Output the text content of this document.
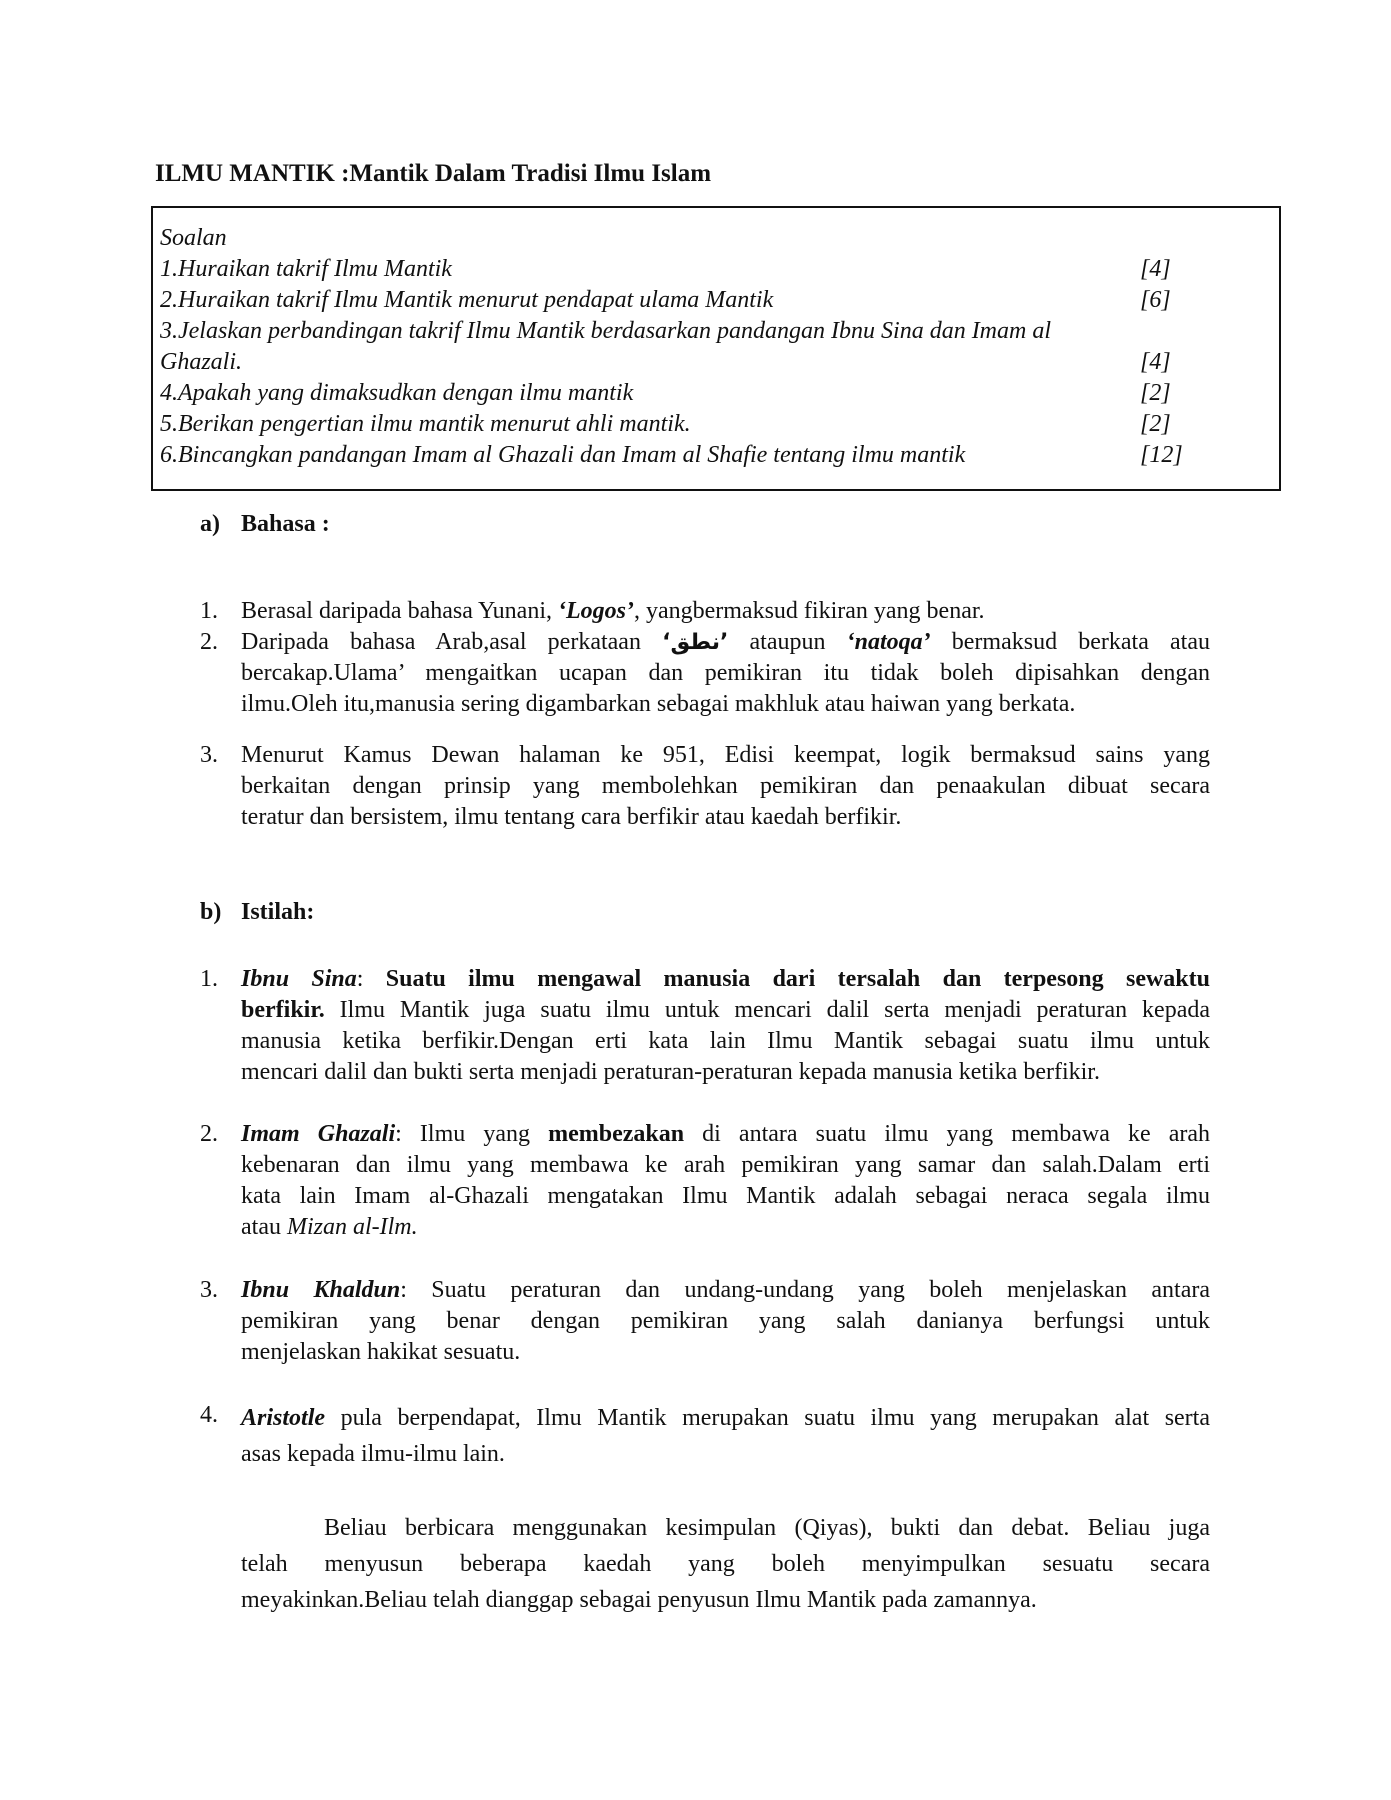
ILMU MANTIK :Mantik Dalam Tradisi Ilmu Islam
Soalan
1.Huraikan takrif Ilmu Mantik	[4]
2.Huraikan takrif Ilmu Mantik menurut pendapat ulama Mantik	[6]
3.Jelaskan perbandingan takrif Ilmu Mantik berdasarkan pandangan Ibnu Sina dan Imam al
Ghazali.	[4]
4.Apakah yang dimaksudkan dengan ilmu mantik	[2]
5.Berikan pengertian ilmu mantik menurut ahli mantik.	[2]
6.Bincangkan pandangan Imam al Ghazali dan Imam al Shafie tentang ilmu mantik	[12]
a) Bahasa :
1. Berasal daripada bahasa Yunani, ‘Logos’, yangbermaksud fikiran yang benar.
2. Daripada bahasa Arab,asal perkataan ‘نطق’ ataupun ‘natoqa’ bermaksud berkata atau
bercakap.Ulama’ mengaitkan ucapan dan pemikiran itu tidak boleh dipisahkan dengan
ilmu.Oleh itu,manusia sering digambarkan sebagai makhluk atau haiwan yang berkata.
3. Menurut Kamus Dewan halaman ke 951, Edisi keempat, logik bermaksud sains yang
berkaitan dengan prinsip yang membolehkan pemikiran dan penaakulan dibuat secara
teratur dan bersistem, ilmu tentang cara berfikir atau kaedah berfikir.
b) Istilah:
1. Ibnu Sina: Suatu ilmu mengawal manusia dari tersalah dan terpesong sewaktu
berfikir. Ilmu Mantik juga suatu ilmu untuk mencari dalil serta menjadi peraturan kepada
manusia ketika berfikir.Dengan erti kata lain Ilmu Mantik sebagai suatu ilmu untuk
mencari dalil dan bukti serta menjadi peraturan-peraturan kepada manusia ketika berfikir.
2. Imam Ghazali: Ilmu yang membezakan di antara suatu ilmu yang membawa ke arah
kebenaran dan ilmu yang membawa ke arah pemikiran yang samar dan salah.Dalam erti
kata lain Imam al-Ghazali mengatakan Ilmu Mantik adalah sebagai neraca segala ilmu
atau Mizan al-Ilm.
3. Ibnu Khaldun: Suatu peraturan dan undang-undang yang boleh menjelaskan antara
pemikiran yang benar dengan pemikiran yang salah danianya berfungsi untuk
menjelaskan hakikat sesuatu.
4. Aristotle pula berpendapat, Ilmu Mantik merupakan suatu ilmu yang merupakan alat serta
asas kepada ilmu-ilmu lain.
Beliau berbicara menggunakan kesimpulan (Qiyas), bukti dan debat. Beliau juga
telah menyusun beberapa kaedah yang boleh menyimpulkan sesuatu secara
meyakinkan.Beliau telah dianggap sebagai penyusun Ilmu Mantik pada zamannya.
